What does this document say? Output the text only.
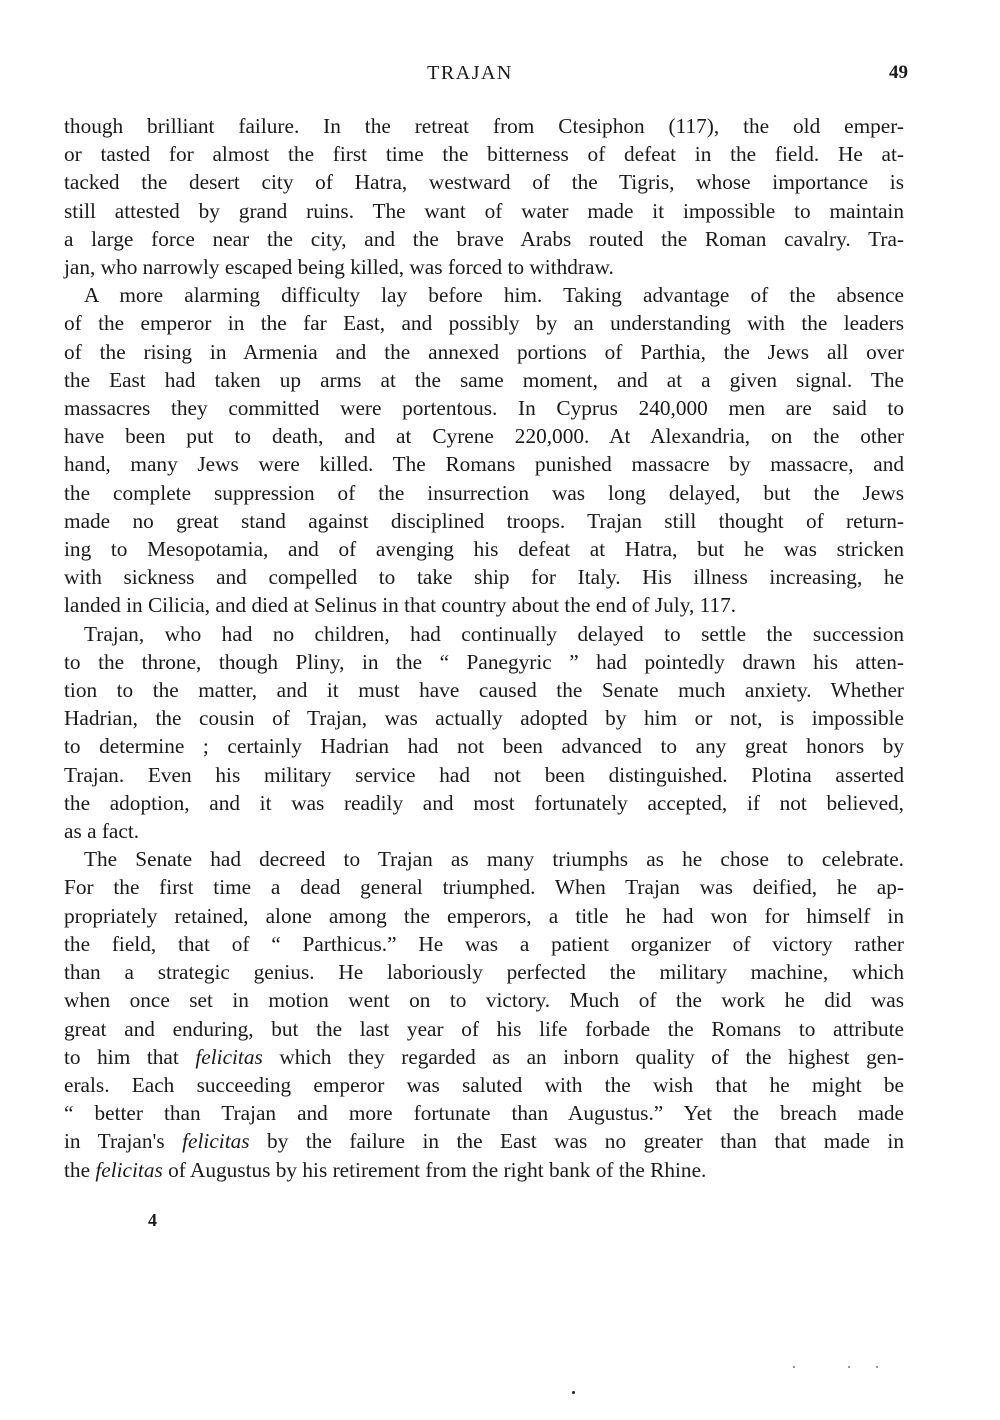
TRAJAN	49
though brilliant failure. In the retreat from Ctesiphon (117), the old emper-
or tasted for almost the first time the bitterness of defeat in the field. He at-
tacked the desert city of Hatra, westward of the Tigris, whose importance is
still attested by grand ruins. The want of water made it impossible to maintain
a large force near the city, and the brave Arabs routed the Roman cavalry. Tra-
jan, who narrowly escaped being killed, was forced to withdraw.
A more alarming difficulty lay before him. Taking advantage of the absence
of the emperor in the far East, and possibly by an understanding with the leaders
of the rising in Armenia and the annexed portions of Parthia, the Jews all over
the East had taken up arms at the same moment, and at a given signal. The
massacres they committed were portentous. In Cyprus 240,000 men are said to
have been put to death, and at Cyrene 220,000. At Alexandria, on the other
hand, many Jews were killed. The Romans punished massacre by massacre, and
the complete suppression of the insurrection was long delayed, but the Jews
made no great stand against disciplined troops. Trajan still thought of return-
ing to Mesopotamia, and of avenging his defeat at Hatra, but he was stricken
with sickness and compelled to take ship for Italy. His illness increasing, he
landed in Cilicia, and died at Selinus in that country about the end of July, 117.
Trajan, who had no children, had continually delayed to settle the succession
to the throne, though Pliny, in the “ Panegyric ” had pointedly drawn his atten-
tion to the matter, and it must have caused the Senate much anxiety. Whether
Hadrian, the cousin of Trajan, was actually adopted by him or not, is impossible
to determine ; certainly Hadrian had not been advanced to any great honors by
Trajan. Even his military service had not been distinguished. Plotina asserted
the adoption, and it was readily and most fortunately accepted, if not believed,
as a fact.
The Senate had decreed to Trajan as many triumphs as he chose to celebrate.
For the first time a dead general triumphed. When Trajan was deified, he ap-
propriately retained, alone among the emperors, a title he had won for himself in
the field, that of “ Parthicus.” He was a patient organizer of victory rather
than a strategic genius. He laboriously perfected the military machine, which
when once set in motion went on to victory. Much of the work he did was
great and enduring, but the last year of his life forbade the Romans to attribute
to him that felicitas which they regarded as an inborn quality of the highest gen-
erals. Each succeeding emperor was saluted with the wish that he might be
“ better than Trajan and more fortunate than Augustus.” Yet the breach made
in Trajan's felicitas by the failure in the East was no greater than that made in
the felicitas of Augustus by his retirement from the right bank of the Rhine.
4
